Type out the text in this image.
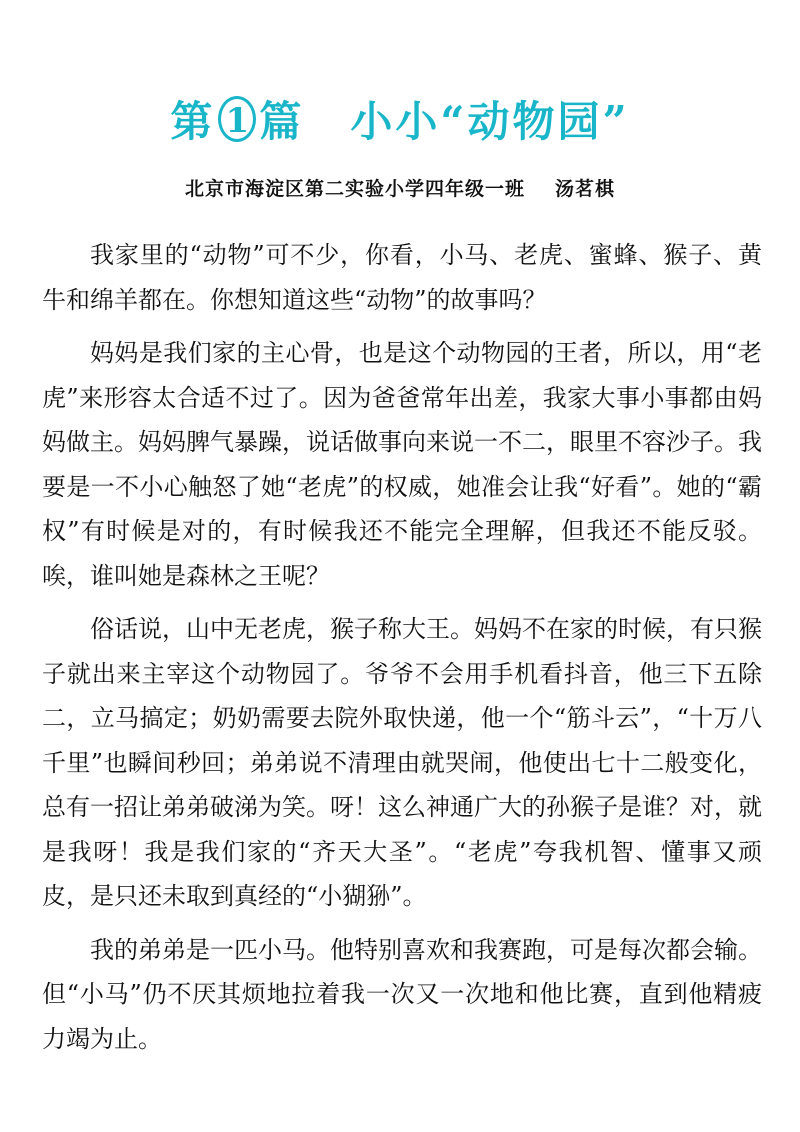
第 1 篇 小小“动物园”
北京市海淀区第二实验小学四年级一班 汤茗棋

我家里的“动物”可不少，你看，小马、老虎、蜜蜂、猴子、黄牛和绵羊都在。你想知道这些“动物”的故事吗？

妈妈是我们家的主心骨，也是这个动物园的王者，所以，用“老虎”来形容太合适不过了。因为爸爸常年出差，我家大事小事都由妈妈做主。妈妈脾气暴躁，说话做事向来说一不二，眼里不容沙子。我要是一不小心触怒了她“老虎”的权威，她准会让我“好看”。她的“霸权”有时候是对的，有时候我还不能完全理解，但我还不能反驳。唉，谁叫她是森林之王呢？

俗话说，山中无老虎，猴子称大王。妈妈不在家的时候，有只猴子就出来主宰这个动物园了。爷爷不会用手机看抖音，他三下五除二，立马搞定；奶奶需要去院外取快递，他一个“筋斗云”，“十万八千里”也瞬间秒回；弟弟说不清理由就哭闹，他使出七十二般变化，总有一招让弟弟破涕为笑。呀！这么神通广大的孙猴子是谁？对，就是我呀！我是我们家的“齐天大圣”。“老虎”夸我机智、懂事又顽皮，是只还未取到真经的“小猢狲”。

我的弟弟是一匹小马。他特别喜欢和我赛跑，可是每次都会输。但“小马”仍不厌其烦地拉着我一次又一次地和他比赛，直到他精疲力竭为止。
